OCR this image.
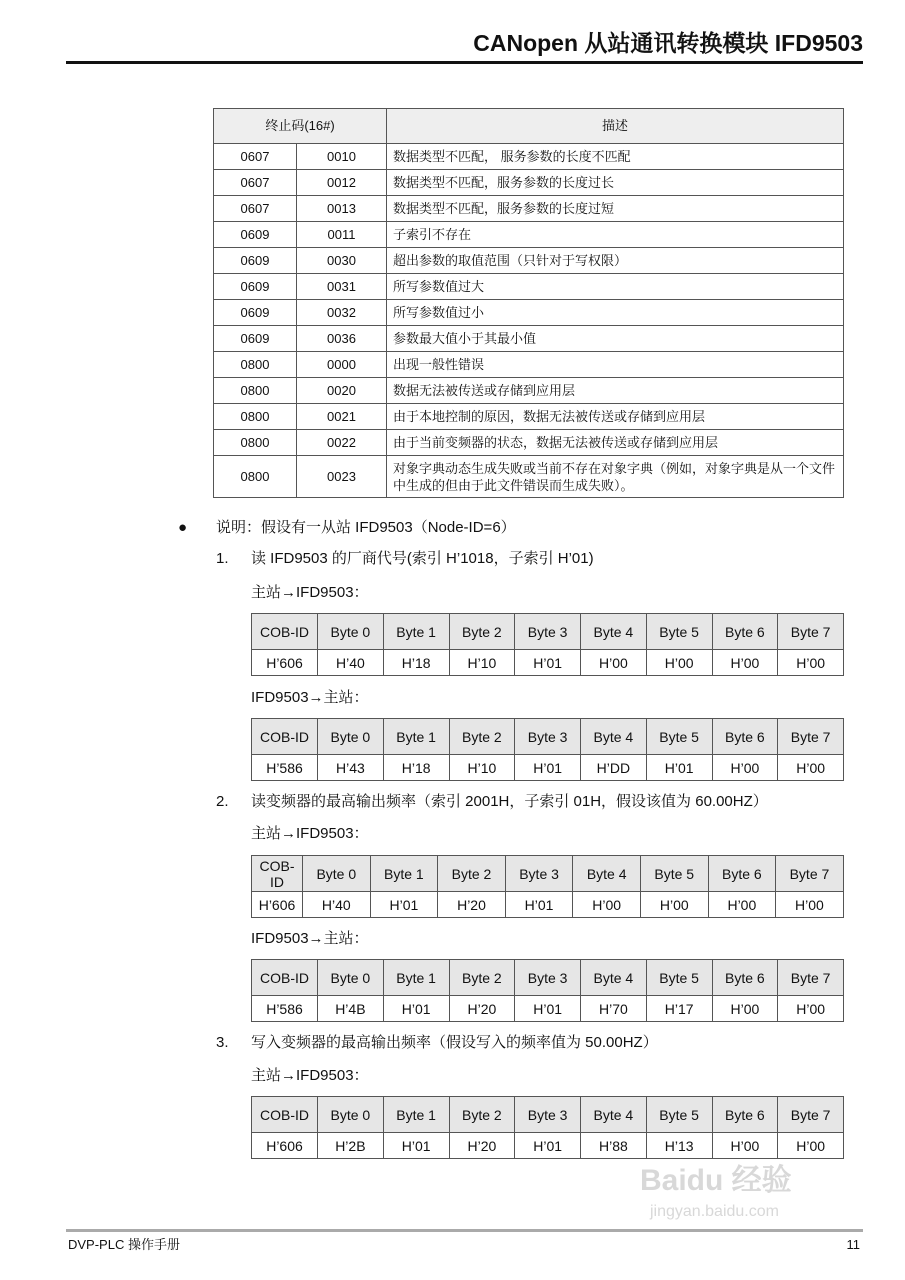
CANopen 从站通讯转换模块 IFD9503
终止码(16#)		描述
0607	0010	数据类型不匹配， 服务参数的长度不匹配
0607	0012	数据类型不匹配，服务参数的长度过长
0607	0013	数据类型不匹配，服务参数的长度过短
0609	0011	子索引不存在
0609	0030	超出参数的取值范围（只针对于写权限）
0609	0031	所写参数值过大
0609	0032	所写参数值过小
0609	0036	参数最大值小于其最小值
0800	0000	出现一般性错误
0800	0020	数据无法被传送或存储到应用层
0800	0021	由于本地控制的原因，数据无法被传送或存储到应用层
0800	0022	由于当前变频器的状态，数据无法被传送或存储到应用层
0800	0023	对象字典动态生成失败或当前不存在对象字典（例如，对象字典是从一个文件中生成的但由于此文件错误而生成失败）。
● 说明：假设有一从站 IFD9503（Node-ID=6）
1. 读 IFD9503 的厂商代号(索引 H’1018，子索引 H’01)
主站→IFD9503：
IFD9503→主站：
2. 读变频器的最高输出频率（索引 2001H，子索引 01H，假设该值为 60.00HZ）
主站→IFD9503：
IFD9503→主站：
3. 写入变频器的最高输出频率（假设写入的频率值为 50.00HZ）
主站→IFD9503：
COB-ID	Byte 0	Byte 1	Byte 2	Byte 3	Byte 4	Byte 5	Byte 6	Byte 7
H’606	H’40	H’18	H’10	H’01	H’00	H’00	H’00	H’00
COB-ID	Byte 0	Byte 1	Byte 2	Byte 3	Byte 4	Byte 5	Byte 6	Byte 7
H’586	H’43	H’18	H’10	H’01	H’DD	H’01	H’00	H’00
COB-ID	Byte 0	Byte 1	Byte 2	Byte 3	Byte 4	Byte 5	Byte 6	Byte 7
H’606	H’40	H’01	H’20	H’01	H’00	H’00	H’00	H’00
COB-ID	Byte 0	Byte 1	Byte 2	Byte 3	Byte 4	Byte 5	Byte 6	Byte 7
H’586	H’4B	H’01	H’20	H’01	H’70	H’17	H’00	H’00
COB-ID	Byte 0	Byte 1	Byte 2	Byte 3	Byte 4	Byte 5	Byte 6	Byte 7
H’606	H’2B	H’01	H’20	H’01	H’88	H’13	H’00	H’00
Baidu 经验
jingyan.baidu.com
DVP-PLC 操作手册	11
